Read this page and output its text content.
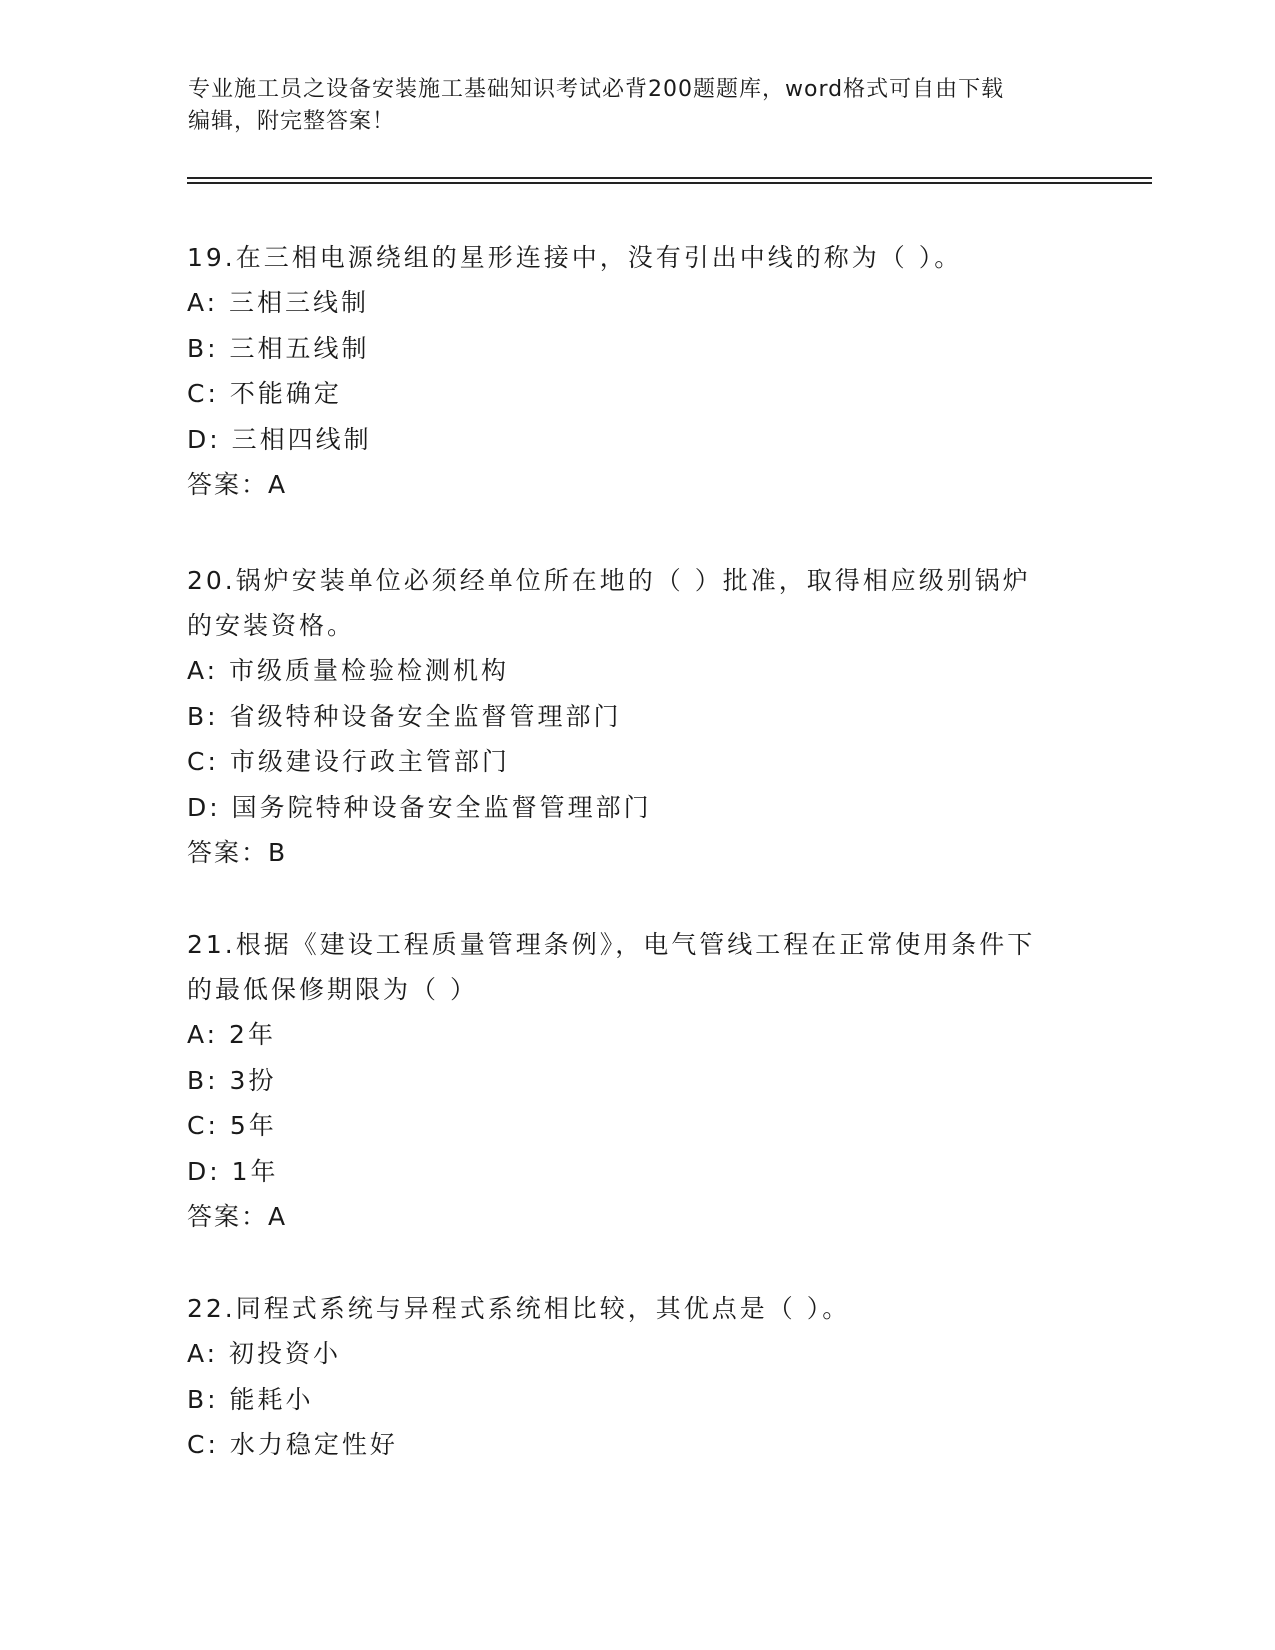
专业施工员之设备安装施工基础知识考试必背200题题库，word格式可自由下载
编辑，附完整答案！

19.在三相电源绕组的星形连接中，没有引出中线的称为（ ）。

A: 三相三线制

B: 三相五线制

C: 不能确定

D: 三相四线制

答案：A

20.锅炉安装单位必须经单位所在地的（ ）批准，取得相应级别锅炉

的安装资格。

A: 市级质量检验检测机构

B: 省级特种设备安全监督管理部门

C: 市级建设行政主管部门

D: 国务院特种设备安全监督管理部门

答案：B

21.根据《建设工程质量管理条例》，电气管线工程在正常使用条件下

的最低保修期限为（ ）

A: 2年

B: 3扮

C: 5年

D: 1年

答案：A

22.同程式系统与异程式系统相比较，其优点是（ ）。

A: 初投资小

B: 能耗小

C: 水力稳定性好
